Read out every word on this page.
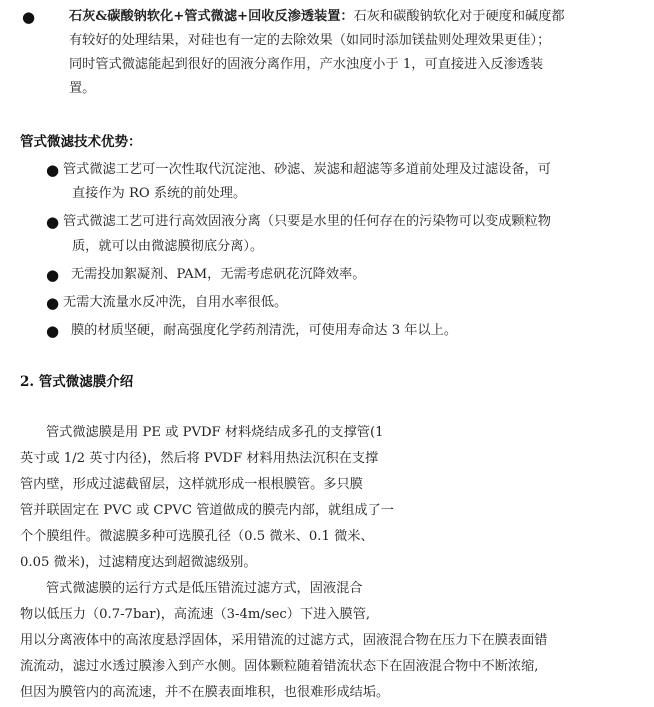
●	石灰&碳酸钠软化+管式微滤+回收反渗透装置：石灰和碳酸钠软化对于硬度和碱度都
有较好的处理结果，对硅也有一定的去除效果（如同时添加镁盐则处理效果更佳）；
同时管式微滤能起到很好的固液分离作用，产水浊度小于 1，可直接进入反渗透装
置。
管式微滤技术优势：
● 管式微滤工艺可一次性取代沉淀池、砂滤、炭滤和超滤等多道前处理及过滤设备，可
直接作为 RO 系统的前处理。
● 管式微滤工艺可进行高效固液分离（只要是水里的任何存在的污染物可以变成颗粒物
质，就可以由微滤膜彻底分离）。
● 无需投加絮凝剂、PAM，无需考虑矾花沉降效率。
● 无需大流量水反冲洗，自用水率很低。
● 膜的材质坚硬，耐高强度化学药剂清洗，可使用寿命达 3 年以上。
2. 管式微滤膜介绍
管式微滤膜是用 PE 或 PVDF 材料烧结成多孔的支撑管(1
英寸或 1/2 英寸内径)，然后将 PVDF 材料用热法沉积在支撑
管内壁，形成过滤截留层，这样就形成一根根膜管。多只膜
管并联固定在 PVC 或 CPVC 管道做成的膜壳内部，就组成了一
个个膜组件。微滤膜多种可选膜孔径（0.5 微米、0.1 微米、
0.05 微米)，过滤精度达到超微滤级别。
管式微滤膜的运行方式是低压错流过滤方式，固液混合
物以低压力（0.7-7bar)，高流速（3-4m/sec）下进入膜管,
用以分离液体中的高浓度悬浮固体，采用错流的过滤方式，固液混合物在压力下在膜表面错
流流动，滤过水透过膜渗入到产水侧。固体颗粒随着错流状态下在固液混合物中不断浓缩,
但因为膜管内的高流速，并不在膜表面堆积，也很难形成结垢。
